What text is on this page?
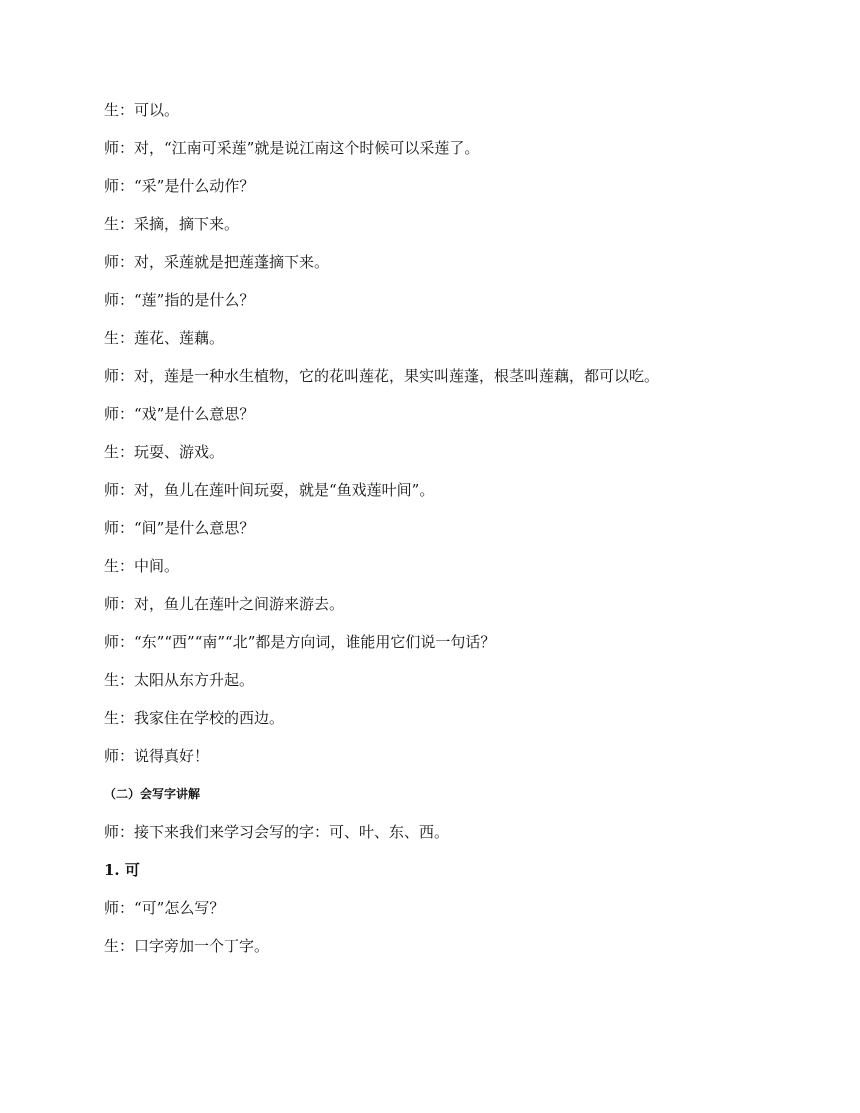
生：可以。

师：对，“江南可采莲”就是说江南这个时候可以采莲了。

师：“采”是什么动作？

生：采摘，摘下来。

师：对，采莲就是把莲蓬摘下来。

师：“莲”指的是什么？

生：莲花、莲藕。

师：对，莲是一种水生植物，它的花叫莲花，果实叫莲蓬，根茎叫莲藕，都可以吃。

师：“戏”是什么意思？

生：玩耍、游戏。

师：对，鱼儿在莲叶间玩耍，就是“鱼戏莲叶间”。

师：“间”是什么意思？

生：中间。

师：对，鱼儿在莲叶之间游来游去。

师：“东”“西”“南”“北”都是方向词，谁能用它们说一句话？

生：太阳从东方升起。

生：我家住在学校的西边。

师：说得真好！

（二）会写字讲解

师：接下来我们来学习会写的字：可、叶、东、西。

1. 可

师：“可”怎么写？

生：口字旁加一个丁字。
